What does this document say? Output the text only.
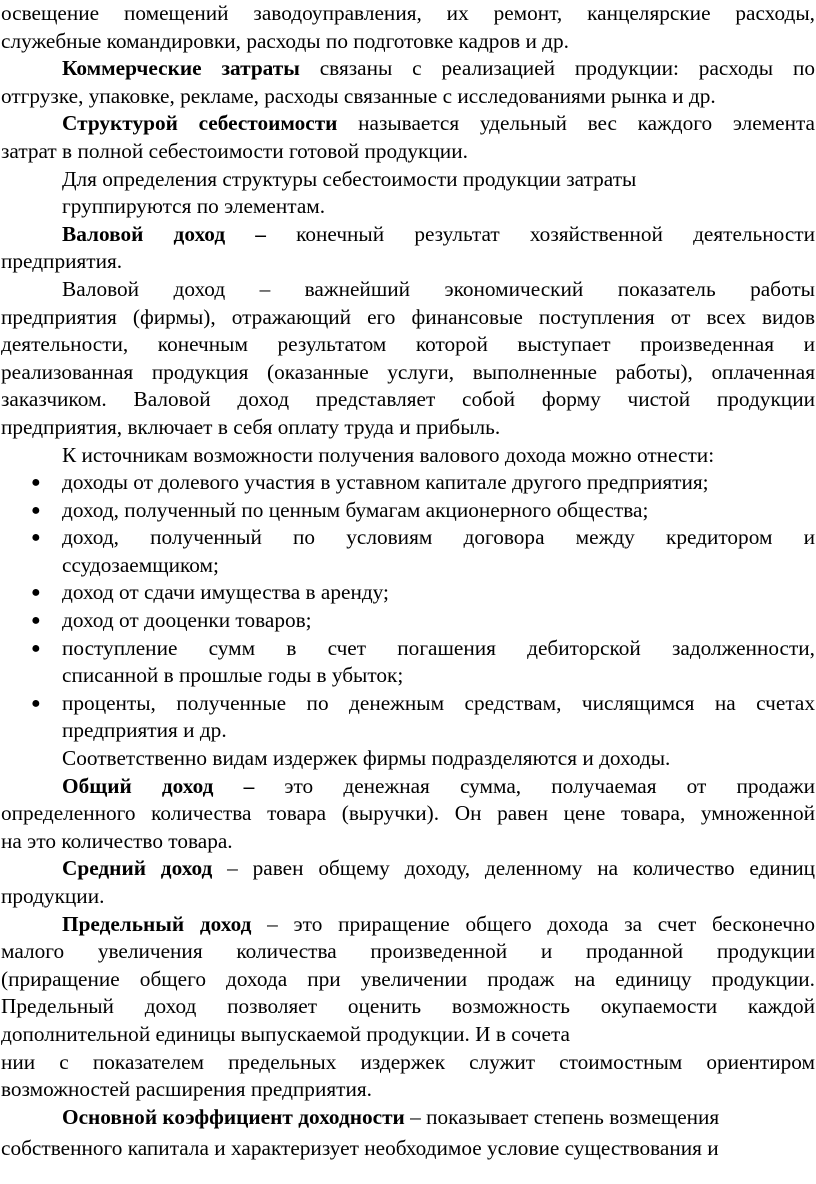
освещение помещений заводоуправления, их ремонт, канцелярские расходы,
служебные командировки, расходы по подготовке кадров и др.
Коммерческие затраты связаны с реализацией продукции: расходы по
отгрузке, упаковке, рекламе, расходы связанные с исследованиями рынка и др.
Структурой себестоимости называется удельный вес каждого элемента
затрат в полной себестоимости готовой продукции.
Для определения структуры себестоимости продукции затраты
группируются по элементам.
Валовой доход – конечный результат хозяйственной деятельности
предприятия.
Валовой доход – важнейший экономический показатель работы
предприятия (фирмы), отражающий его финансовые поступления от всех видов
деятельности, конечным результатом которой выступает произведенная и
реализованная продукция (оказанные услуги, выполненные работы), оплаченная
заказчиком. Валовой доход представляет собой форму чистой продукции
предприятия, включает в себя оплату труда и прибыль.
К источникам возможности получения валового дохода можно отнести:
● доходы от долевого участия в уставном капитале другого предприятия;
● доход, полученный по ценным бумагам акционерного общества;
● доход, полученный по условиям договора между кредитором и
ссудозаемщиком;
● доход от сдачи имущества в аренду;
● доход от дооценки товаров;
● поступление сумм в счет погашения дебиторской задолженности,
списанной в прошлые годы в убыток;
● проценты, полученные по денежным средствам, числящимся на счетах
предприятия и др.
Соответственно видам издержек фирмы подразделяются и доходы.
Общий доход – это денежная сумма, получаемая от продажи
определенного количества товара (выручки). Он равен цене товара, умноженной
на это количество товара.
Средний доход – равен общему доходу, деленному на количество единиц
продукции.
Предельный доход – это приращение общего дохода за счет бесконечно
малого увеличения количества произведенной и проданной продукции
(приращение общего дохода при увеличении продаж на единицу продукции.
Предельный доход позволяет оценить возможность окупаемости каждой
дополнительной единицы выпускаемой продукции. И в сочета
нии с показателем предельных издержек служит стоимостным ориентиром
возможностей расширения предприятия.
Основной коэффициент доходности – показывает степень возмещения
собственного капитала и характеризует необходимое условие существования и
